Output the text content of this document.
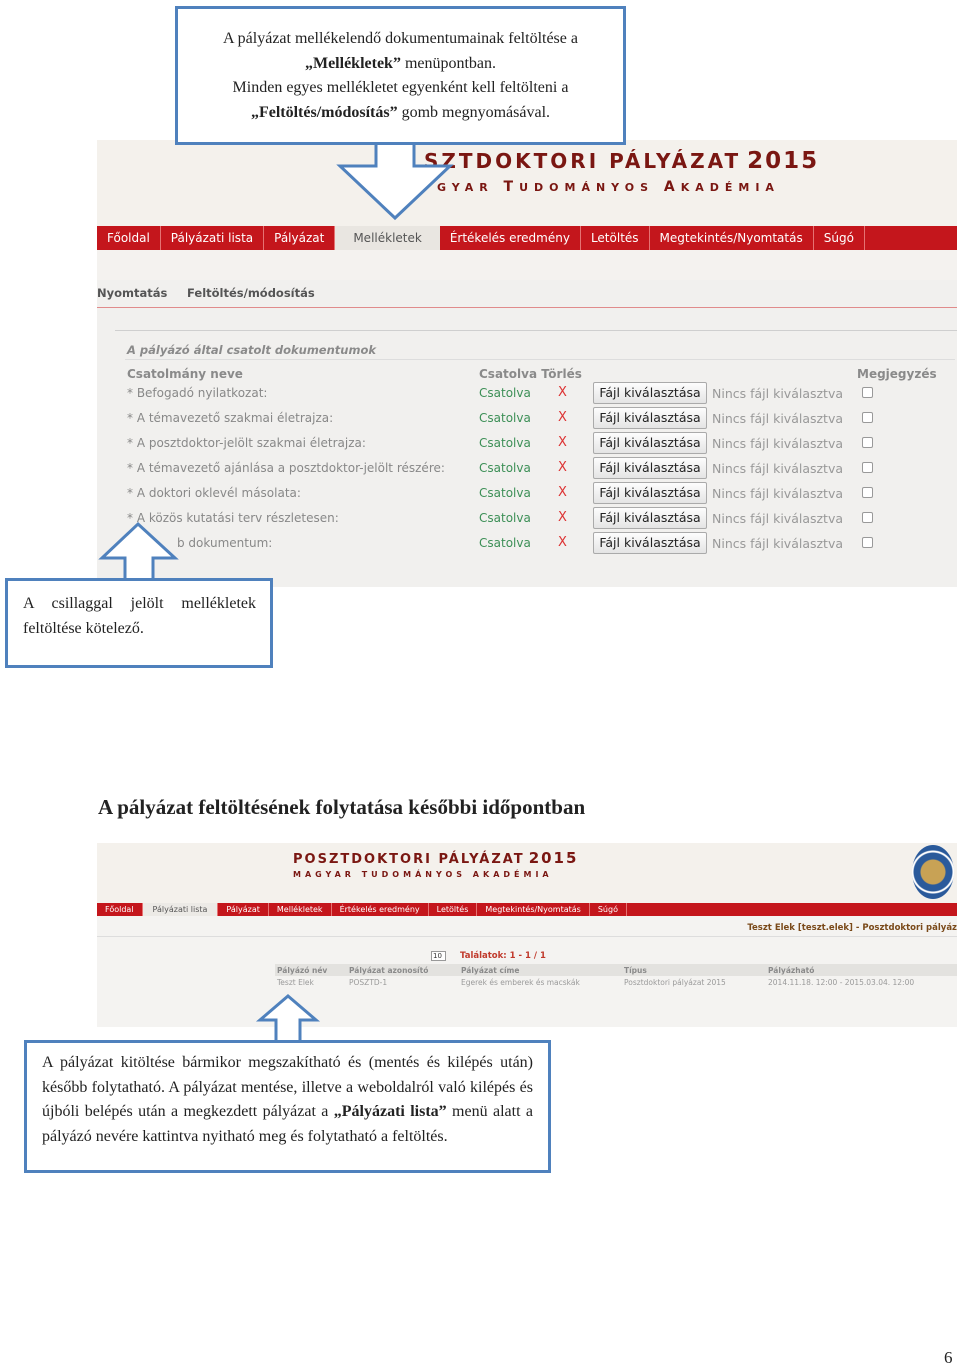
SZTDOKTORI PÁLYÁZAT 2015
GYAR TUDOMÁNYOS AKADÉMIA
Főoldal	Pályázati lista	Pályázat	Mellékletek	Értékelés eredmény	Letöltés	Megtekintés/Nyomtatás	Súgó
Nyomtatás Feltöltés/módosítás
A pályázó által csatolt dokumentumok
Csatolmány neve	Csatolva Törlés	Megjegyzés
* Befogadó nyilatkozat:	Csatolva X	Fájl kiválasztása Nincs fájl kiválasztva
* A témavezető szakmai életrajza:	Csatolva X	Fájl kiválasztása Nincs fájl kiválasztva
* A posztdoktor-jelölt szakmai életrajza:	Csatolva X	Fájl kiválasztása Nincs fájl kiválasztva
* A témavezető ajánlása a posztdoktor-jelölt részére:	Csatolva X	Fájl kiválasztása Nincs fájl kiválasztva
* A doktori oklevél másolata:	Csatolva X	Fájl kiválasztása Nincs fájl kiválasztva
* A közös kutatási terv részletesen:	Csatolva X	Fájl kiválasztása Nincs fájl kiválasztva
b dokumentum:	Csatolva X	Fájl kiválasztása Nincs fájl kiválasztva
A pályázat mellékelendő dokumentumainak feltöltése a
„Mellékletek” menüpontban.
Minden egyes mellékletet egyenként kell feltölteni a
„Feltöltés/módosítás” gomb megnyomásával.
A csillaggal jelölt mellékletek feltöltése kötelező.
A pályázat feltöltésének folytatása későbbi időpontban
POSZTDOKTORI PÁLYÁZAT 2015
MAGYAR TUDOMÁNYOS AKADÉMIA
Főoldal	Pályázati lista	Pályázat	Mellékletek	Értékelés eredmény	Letöltés	Megtekintés/Nyomtatás	Súgó
Teszt Elek [teszt.elek] - Posztdoktori pályáz
10	Találatok: 1 - 1 / 1
Pályázó név	Pályázat azonosító	Pályázat címe	Típus	Pályázható
Teszt Elek	POSZTD-1	Egerek és emberek és macskák	Posztdoktori pályázat 2015	2014.11.18. 12:00 - 2015.03.04. 12:00
A pályázat kitöltése bármikor megszakítható és (mentés és kilépés után) később folytatható. A pályázat mentése, illetve a weboldalról való kilépés és újbóli belépés után a megkezdett pályázat a „Pályázati lista” menü alatt a pályázó nevére kattintva nyitható meg és folytatható a feltöltés.
6
